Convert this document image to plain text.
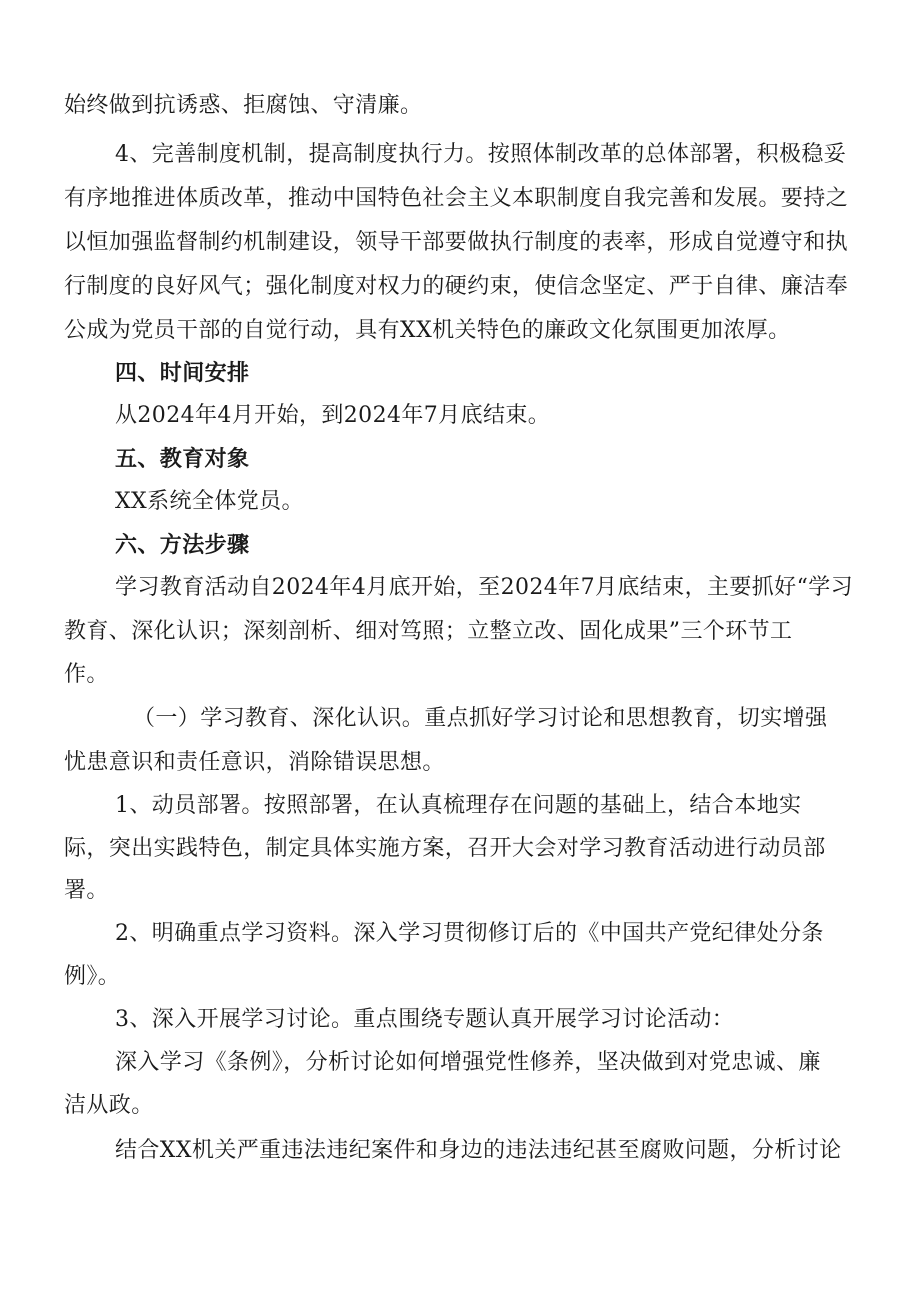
始终做到抗诱惑、拒腐蚀、守清廉。
4、完善制度机制，提高制度执行力。按照体制改革的总体部署，积极稳妥
有序地推进体质改革，推动中国特色社会主义本职制度自我完善和发展。要持之
以恒加强监督制约机制建设，领导干部要做执行制度的表率，形成自觉遵守和执
行制度的良好风气；强化制度对权力的硬约束，使信念坚定、严于自律、廉洁奉
公成为党员干部的自觉行动，具有XX机关特色的廉政文化氛围更加浓厚。
四、时间安排
从2024年4月开始，到2024年7月底结束。
五、教育对象
XX系统全体党员。
六、方法步骤
学习教育活动自2024年4月底开始，至2024年7月底结束，主要抓好“学习
教育、深化认识；深刻剖析、细对笃照；立整立改、固化成果”三个环节工
作。
（一）学习教育、深化认识。重点抓好学习讨论和思想教育，切实增强
忧患意识和责任意识，消除错误思想。
1、动员部署。按照部署，在认真梳理存在问题的基础上，结合本地实
际，突出实践特色，制定具体实施方案，召开大会对学习教育活动进行动员部
署。
2、明确重点学习资料。深入学习贯彻修订后的《中国共产党纪律处分条
例》。
3、深入开展学习讨论。重点围绕专题认真开展学习讨论活动：
深入学习《条例》，分析讨论如何增强党性修养，坚决做到对党忠诚、廉
洁从政。
结合XX机关严重违法违纪案件和身边的违法违纪甚至腐败问题，分析讨论
